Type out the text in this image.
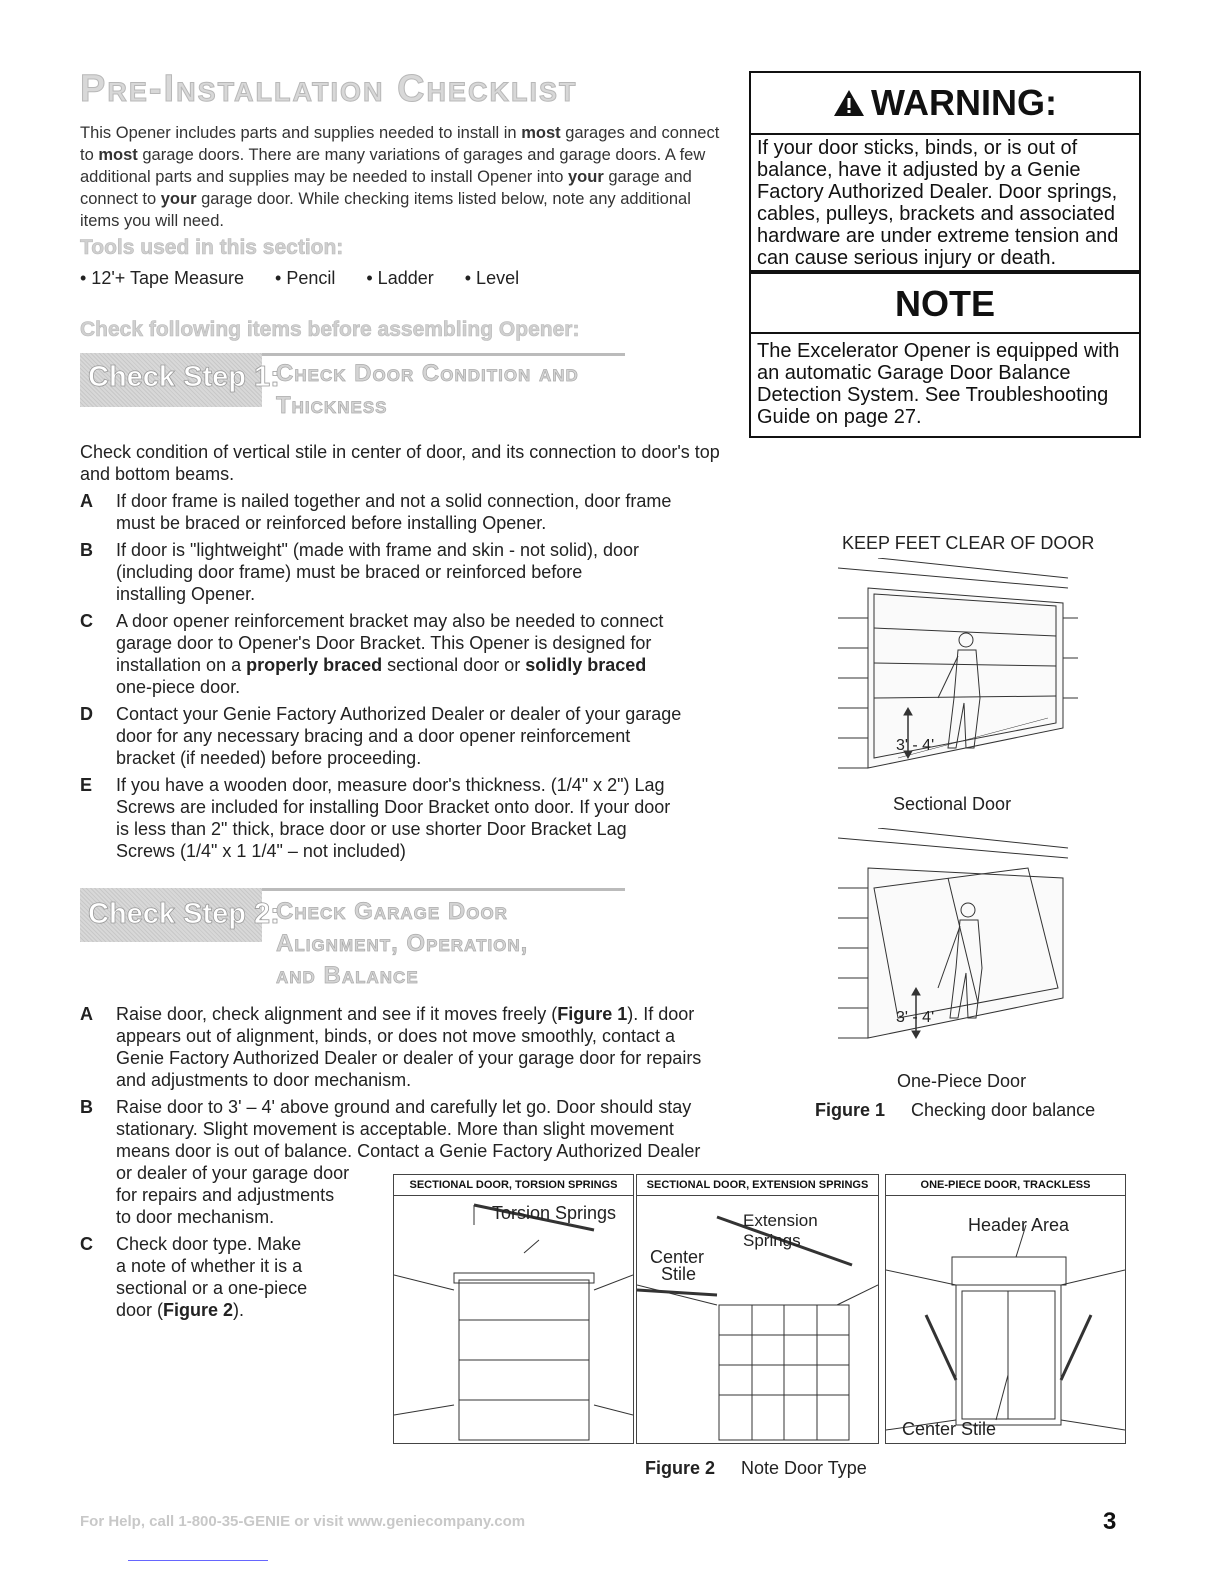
Pre-Installation Checklist
This Opener includes parts and supplies needed to install in most garages and connect to most garage doors. There are many variations of garages and garage doors. A few additional parts and supplies may be needed to install Opener into your garage and connect to your garage door. While checking items listed below, note any additional items you will need.
Tools used in this section:
• 12'+ Tape Measure • Pencil • Ladder • Level
Check following items before assembling Opener:
Check Step 1:
Check Door Condition and
Thickness
Check condition of vertical stile in center of door, and its connection to door's top and bottom beams.
A If door frame is nailed together and not a solid connection, door frame
must be braced or reinforced before installing Opener.
B If door is "lightweight" (made with frame and skin - not solid), door
(including door frame) must be braced or reinforced before
installing Opener.
C A door opener reinforcement bracket may also be needed to connect
garage door to Opener's Door Bracket. This Opener is designed for
installation on a properly braced sectional door or solidly braced
one-piece door.
D Contact your Genie Factory Authorized Dealer or dealer of your garage
door for any necessary bracing and a door opener reinforcement
bracket (if needed) before proceeding.
E If you have a wooden door, measure door's thickness. (1/4" x 2") Lag
Screws are included for installing Door Bracket onto door. If your door
is less than 2" thick, brace door or use shorter Door Bracket Lag
Screws (1/4" x 1 1/4" – not included)
Check Step 2:
Check Garage Door
Alignment, Operation,
and Balance
A Raise door, check alignment and see if it moves freely (Figure 1). If door
appears out of alignment, binds, or does not move smoothly, contact a
Genie Factory Authorized Dealer or dealer of your garage door for repairs
and adjustments to door mechanism.
B Raise door to 3' – 4' above ground and carefully let go. Door should stay
stationary. Slight movement is acceptable. More than slight movement
means door is out of balance. Contact a Genie Factory Authorized Dealer
or dealer of your garage door
for repairs and adjustments
to door mechanism.
C Check door type. Make
a note of whether it is a
sectional or a one-piece
door (Figure 2).
WARNING:
If your door sticks, binds, or is out of balance, have it adjusted by a Genie Factory Authorized Dealer. Door springs, cables, pulleys, brackets and associated hardware are under extreme tension and can cause serious injury or death.
NOTE
The Excelerator Opener is equipped with an automatic Garage Door Balance Detection System. See Troubleshooting Guide on page 27.
KEEP FEET CLEAR OF DOOR
3' - 4'
Sectional Door
3' - 4'
One-Piece Door
Figure 1 Checking door balance
SECTIONAL DOOR, TORSION SPRINGS
Torsion Springs
SECTIONAL DOOR, EXTENSION SPRINGS
Extension Springs
Center
Stile
ONE-PIECE DOOR, TRACKLESS
Header Area
Center Stile
Figure 2 Note Door Type
For Help, call 1-800-35-GENIE or visit www.geniecompany.com	3
